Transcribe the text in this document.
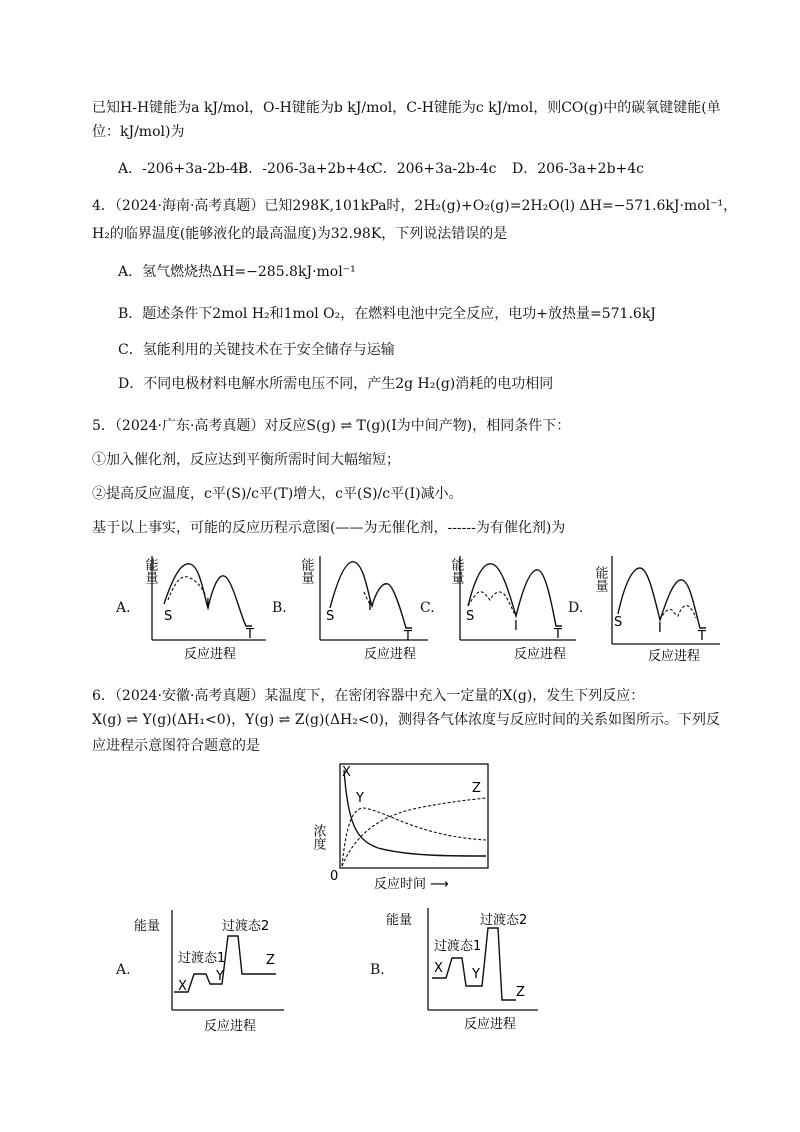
已知H-H键能为a kJ/mol，O-H键能为b kJ/mol，C-H键能为c kJ/mol，则CO(g)中的碳氧键键能(单
位：kJ/mol)为
A．-206+3a-2b-4c
B．-206-3a+2b+4c
C．206+3a-2b-4c D．206-3a+2b+4c
4．（2024·海南·高考真题）已知298K,101kPa时，2H₂(g)+O₂(g)=2H₂O(l) ΔH=−571.6kJ·mol⁻¹，
H₂的临界温度(能够液化的最高温度)为32.98K，下列说法错误的是
A．氢气燃烧热ΔH=−285.8kJ·mol⁻¹
B．题述条件下2mol H₂和1mol O₂，在燃料电池中完全反应，电功+放热量=571.6kJ
C．氢能利用的关键技术在于安全储存与运输
D．不同电极材料电解水所需电压不同，产生2g H₂(g)消耗的电功相同
5．（2024·广东·高考真题）对反应S(g) ⇌ T(g)(I为中间产物)，相同条件下：
①加入催化剂，反应达到平衡所需时间大幅缩短；
②提高反应温度，c平(S)/c平(T)增大，c平(S)/c平(I)减小。
基于以上事实，可能的反应历程示意图(——为无催化剂，------为有催化剂)为
A.
能量
S
I
T
反应进程
B.
能量
S
I
T
反应进程
C.
能量
S
I
T
反应进程
D.
能量
S	I
T
反应进程
6．（2024·安徽·高考真题）某温度下，在密闭容器中充入一定量的X(g)，发生下列反应：
X(g) ⇌ Y(g)(ΔH₁<0)，Y(g) ⇌ Z(g)(ΔH₂<0)，测得各气体浓度与反应时间的关系如图所示。下列反
应进程示意图符合题意的是
浓度
X
Y
Z
0
反应时间 ⟶
A.
能量
过渡态1
过渡态2
X
Y
Z
反应进程
B.
能量
过渡态1
过渡态2
X Y
Z
反应进程
